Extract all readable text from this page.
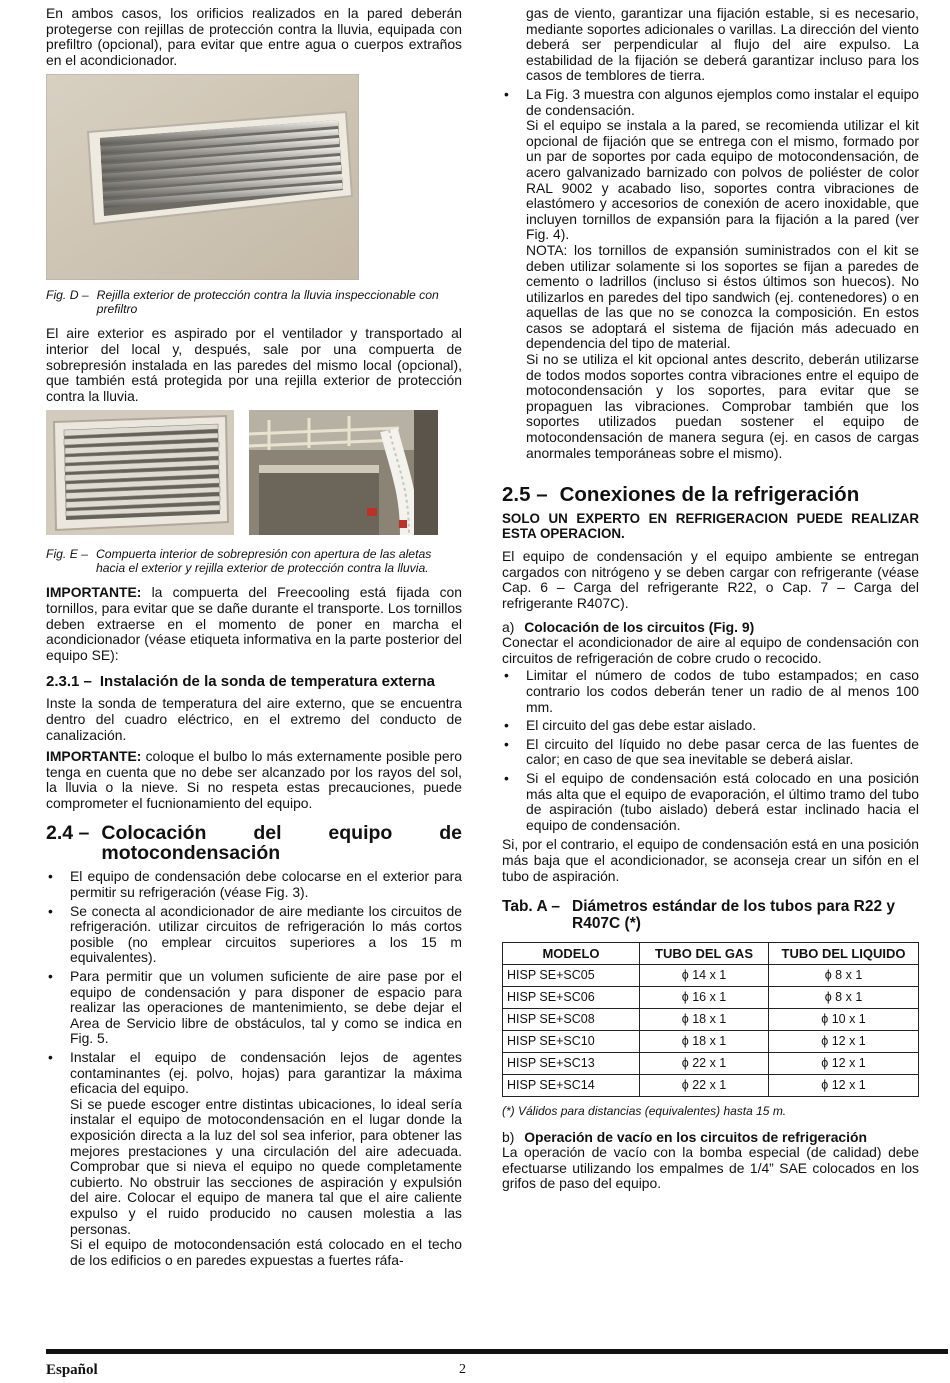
En ambos casos, los orificios realizados en la pared deberán protegerse con rejillas de protección contra la lluvia, equipada con prefiltro (opcional), para evitar que entre agua o cuerpos extraños en el acondicionador.

Fig. D – Rejilla exterior de protección contra la lluvia inspeccionable con prefiltro

El aire exterior es aspirado por el ventilador y transportado al interior del local y, después, sale por una compuerta de sobrepresión instalada en las paredes del mismo local (opcional), que también está protegida por una rejilla exterior de protección contra la lluvia.

Fig. E – Compuerta interior de sobrepresión con apertura de las aletas hacia el exterior y rejilla exterior de protección contra la lluvia.

IMPORTANTE: la compuerta del Freecooling está fijada con tornillos, para evitar que se dañe durante el transporte. Los tornillos deben extraerse en el momento de poner en marcha el acondicionador (véase etiqueta informativa en la parte posterior del equipo SE):

2.3.1 – Instalación de la sonda de temperatura externa

Inste la sonda de temperatura del aire externo, que se encuentra dentro del cuadro eléctrico, en el extremo del conducto de canalización.

IMPORTANTE: coloque el bulbo lo más externamente posible pero tenga en cuenta que no debe ser alcanzado por los rayos del sol, la lluvia o la nieve. Si no respeta estas precauciones, puede comprometer el fucnionamiento del equipo.

2.4 – Colocación del equipo de motocondensación
• El equipo de condensación debe colocarse en el exterior para permitir su refrigeración (véase Fig. 3).
• Se conecta al acondicionador de aire mediante los circuitos de refrigeración. utilizar circuitos de refrigeración lo más cortos posible (no emplear circuitos superiores a los 15 m equivalentes).
• Para permitir que un volumen suficiente de aire pase por el equipo de condensación y para disponer de espacio para realizar las operaciones de mantenimiento, se debe dejar el Area de Servicio libre de obstáculos, tal y como se indica en Fig. 5.
• Instalar el equipo de condensación lejos de agentes contaminantes (ej. polvo, hojas) para garantizar la máxima eficacia del equipo.
Si se puede escoger entre distintas ubicaciones, lo ideal sería instalar el equipo de motocondensación en el lugar donde la exposición directa a la luz del sol sea inferior, para obtener las mejores prestaciones y una circulación del aire adecuada. Comprobar que si nieva el equipo no quede completamente cubierto. No obstruir las secciones de aspiración y expulsión del aire. Colocar el equipo de manera tal que el aire caliente expulso y el ruido producido no causen molestia a las personas.
Si el equipo de motocondensación está colocado en el techo de los edificios o en paredes expuestas a fuertes ráfa-

gas de viento, garantizar una fijación estable, si es necesario, mediante soportes adicionales o varillas. La dirección del viento deberá ser perpendicular al flujo del aire expulso. La estabilidad de la fijación se deberá garantizar incluso para los casos de temblores de tierra.

• La Fig. 3 muestra con algunos ejemplos como instalar el equipo de condensación.
Si el equipo se instala a la pared, se recomienda utilizar el kit opcional de fijación que se entrega con el mismo, formado por un par de soportes por cada equipo de motocondensación, de acero galvanizado barnizado con polvos de poliéster de color RAL 9002 y acabado liso, soportes contra vibraciones de elastómero y accesorios de conexión de acero inoxidable, que incluyen tornillos de expansión para la fijación a la pared (ver Fig. 4).
NOTA: los tornillos de expansión suministrados con el kit se deben utilizar solamente si los soportes se fijan a paredes de cemento o ladrillos (incluso si éstos últimos son huecos). No utilizarlos en paredes del tipo sandwich (ej. contenedores) o en aquellas de las que no se conozca la composición. En estos casos se adoptará el sistema de fijación más adecuado en dependencia del tipo de material.
Si no se utiliza el kit opcional antes descrito, deberán utilizarse de todos modos soportes contra vibraciones entre el equipo de motocondensación y los soportes, para evitar que se propaguen las vibraciones. Comprobar también que los soportes utilizados puedan sostener el equipo de motocondensación de manera segura (ej. en casos de cargas anormales temporáneas sobre el mismo).
2.5 – Conexiones de la refrigeración
SOLO UN EXPERTO EN REFRIGERACION PUEDE REALIZAR ESTA OPERACION.

El equipo de condensación y el equipo ambiente se entregan cargados con nitrógeno y se deben cargar con refrigerante (véase Cap. 6 – Carga del refrigerante R22, o Cap. 7 – Carga del refrigerante R407C).

a) Colocación de los circuitos (Fig. 9)

Conectar el acondicionador de aire al equipo de condensación con circuitos de refrigeración de cobre crudo o recocido.

• Limitar el número de codos de tubo estampados; en caso contrario los codos deberán tener un radio de al menos 100 mm.
• El circuito del gas debe estar aislado.
• El circuito del líquido no debe pasar cerca de las fuentes de calor; en caso de que sea inevitable se deberá aislar.
• Si el equipo de condensación está colocado en una posición más alta que el equipo de evaporación, el último tramo del tubo de aspiración (tubo aislado) deberá estar inclinado hacia el equipo de condensación.

Si, por el contrario, el equipo de condensación está en una posición más baja que el acondicionador, se aconseja crear un sifón en el tubo de aspiración.

Tab. A – Diámetros estándar de los tubos para R22 y R407C (*)
MODELO	TUBO DEL GAS	TUBO DEL LIQUIDO
HISP SE+SC05	ϕ 14 x 1	ϕ 8 x 1
HISP SE+SC06	ϕ 16 x 1	ϕ 8 x 1
HISP SE+SC08	ϕ 18 x 1	ϕ 10 x 1
HISP SE+SC10	ϕ 18 x 1	ϕ 12 x 1
HISP SE+SC13	ϕ 22 x 1	ϕ 12 x 1
HISP SE+SC14	ϕ 22 x 1	ϕ 12 x 1
(*) Válidos para distancias (equivalentes) hasta 15 m.
b) Operación de vacío en los circuitos de refrigeración

La operación de vacío con la bomba especial (de calidad) debe efectuarse utilizando los empalmes de 1/4” SAE colocados en los grifos de paso del equipo.

Español	2
